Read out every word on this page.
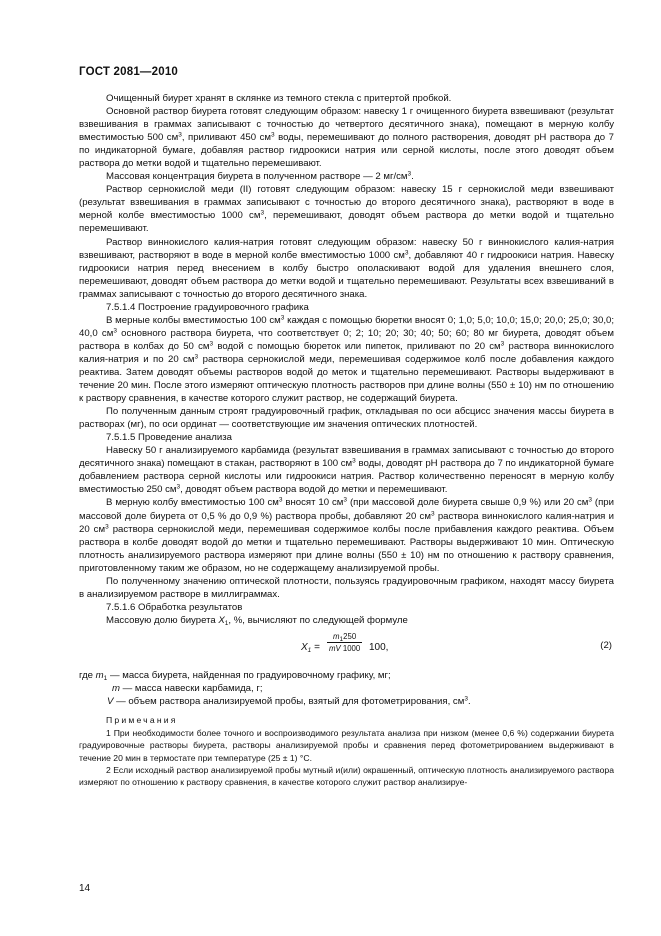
ГОСТ 2081—2010

Очищенный биурет хранят в склянке из темного стекла с притертой пробкой.

Основной раствор биурета готовят следующим образом: навеску 1 г очищенного биурета взвешивают (результат взвешивания в граммах записывают с точностью до четвертого десятичного знака), помещают в мерную колбу вместимостью 500 $см^3$, приливают 450 $см^3$ воды, перемешивают до полного растворения, доводят рН раствора до 7 по индикаторной бумаге, добавляя раствор гидроокиси натрия или серной кислоты, после этого доводят объем раствора до метки водой и тщательно перемешивают.

Массовая концентрация биурета в полученном растворе — 2 $мг/см^3$.

Раствор сернокислой меди (II) готовят следующим образом: навеску 15 г сернокислой меди взвешивают (результат взвешивания в граммах записывают с точностью до второго десятичного знака), растворяют в воде в мерной колбе вместимостью 1000 $см^3$, перемешивают, доводят объем раствора до метки водой и тщательно перемешивают.

Раствор виннокислого калия-натрия готовят следующим образом: навеску 50 г виннокислого калия-натрия взвешивают, растворяют в воде в мерной колбе вместимостью 1000 $см^3$, добавляют 40 г гидроокиси натрия. Навеску гидроокиси натрия перед внесением в колбу быстро ополаскивают водой для удаления внешнего слоя, перемешивают, доводят объем раствора до метки водой и тщательно перемешивают. Результаты всех взвешиваний в граммах записывают с точностью до второго десятичного знака.

7.5.1.4 Построение градуировочного графика

В мерные колбы вместимостью 100 $см^3$ каждая с помощью бюретки вносят 0; 1,0; 5,0; 10,0; 15,0; 20,0; 25,0; 30,0; 40,0 $см^3$ основного раствора биурета, что соответствует 0; 2; 10; 20; 30; 40; 50; 60; 80 мг биурета, доводят объем раствора в колбах до 50 $см^3$ водой с помощью бюреток или пипеток, приливают по 20 $см^3$ раствора виннокислого калия-натрия и по 20 $см^3$ раствора сернокислой меди, перемешивая содержимое колб после добавления каждого реактива. Затем доводят объемы растворов водой до меток и тщательно перемешивают. Растворы выдерживают в течение 20 мин. После этого измеряют оптическую плотность растворов при длине волны (550 ± 10) нм по отношению к раствору сравнения, в качестве которого служит раствор, не содержащий биурета.

По полученным данным строят градуировочный график, откладывая по оси абсцисс значения массы биурета в растворах (мг), по оси ординат — соответствующие им значения оптических плотностей.

7.5.1.5 Проведение анализа

Навеску 50 г анализируемого карбамида (результат взвешивания в граммах записывают с точностью до второго десятичного знака) помещают в стакан, растворяют в 100 $см^3$ воды, доводят рН раствора до 7 по индикаторной бумаге добавлением раствора серной кислоты или гидроокиси натрия. Раствор количественно переносят в мерную колбу вместимостью 250 $см^3$, доводят объем раствора водой до метки и перемешивают.

В мерную колбу вместимостью 100 $см^3$ вносят 10 $см^3$ (при массовой доле биурета свыше 0,9 %) или 20 $см^3$ (при массовой доле биурета от 0,5 % до 0,9 %) раствора пробы, добавляют 20 $см^3$ раствора виннокислого калия-натрия и 20 $см^3$ раствора сернокислой меди, перемешивая содержимое колбы после прибавления каждого реактива. Объем раствора в колбе доводят водой до метки и тщательно перемешивают. Растворы выдерживают 10 мин. Оптическую плотность анализируемого раствора измеряют при длине волны (550 ± 10) нм по отношению к раствору сравнения, приготовленному таким же образом, но не содержащему анализируемой пробы.

По полученному значению оптической плотности, пользуясь градуировочным графиком, находят массу биурета в анализируемом растворе в миллиграммах.

7.5.1.6 Обработка результатов

Массовую долю биурета $X_1$, %, вычисляют по следующей формуле

$X_1 = \frac{m_1250}{mV 1000} 100$,	(2)

где $m_1$ — масса биурета, найденная по градуировочному графику, мг;

m — масса навески карбамида, г;

V — объем раствора анализируемой пробы, взятый для фотометрирования, $см^3$.

Примечания

1 При необходимости более точного и воспроизводимого результата анализа при низком (менее 0,6 %) содержании биурета градуировочные растворы биурета, растворы анализируемой пробы и сравнения перед фотометрированием выдерживают в течение 20 мин в термостате при температуре (25 ± 1) °С.

2 Если исходный раствор анализируемой пробы мутный и(или) окрашенный, оптическую плотность анализируемого раствора измеряют по отношению к раствору сравнения, в качестве которого служит раствор анализируе-

14
